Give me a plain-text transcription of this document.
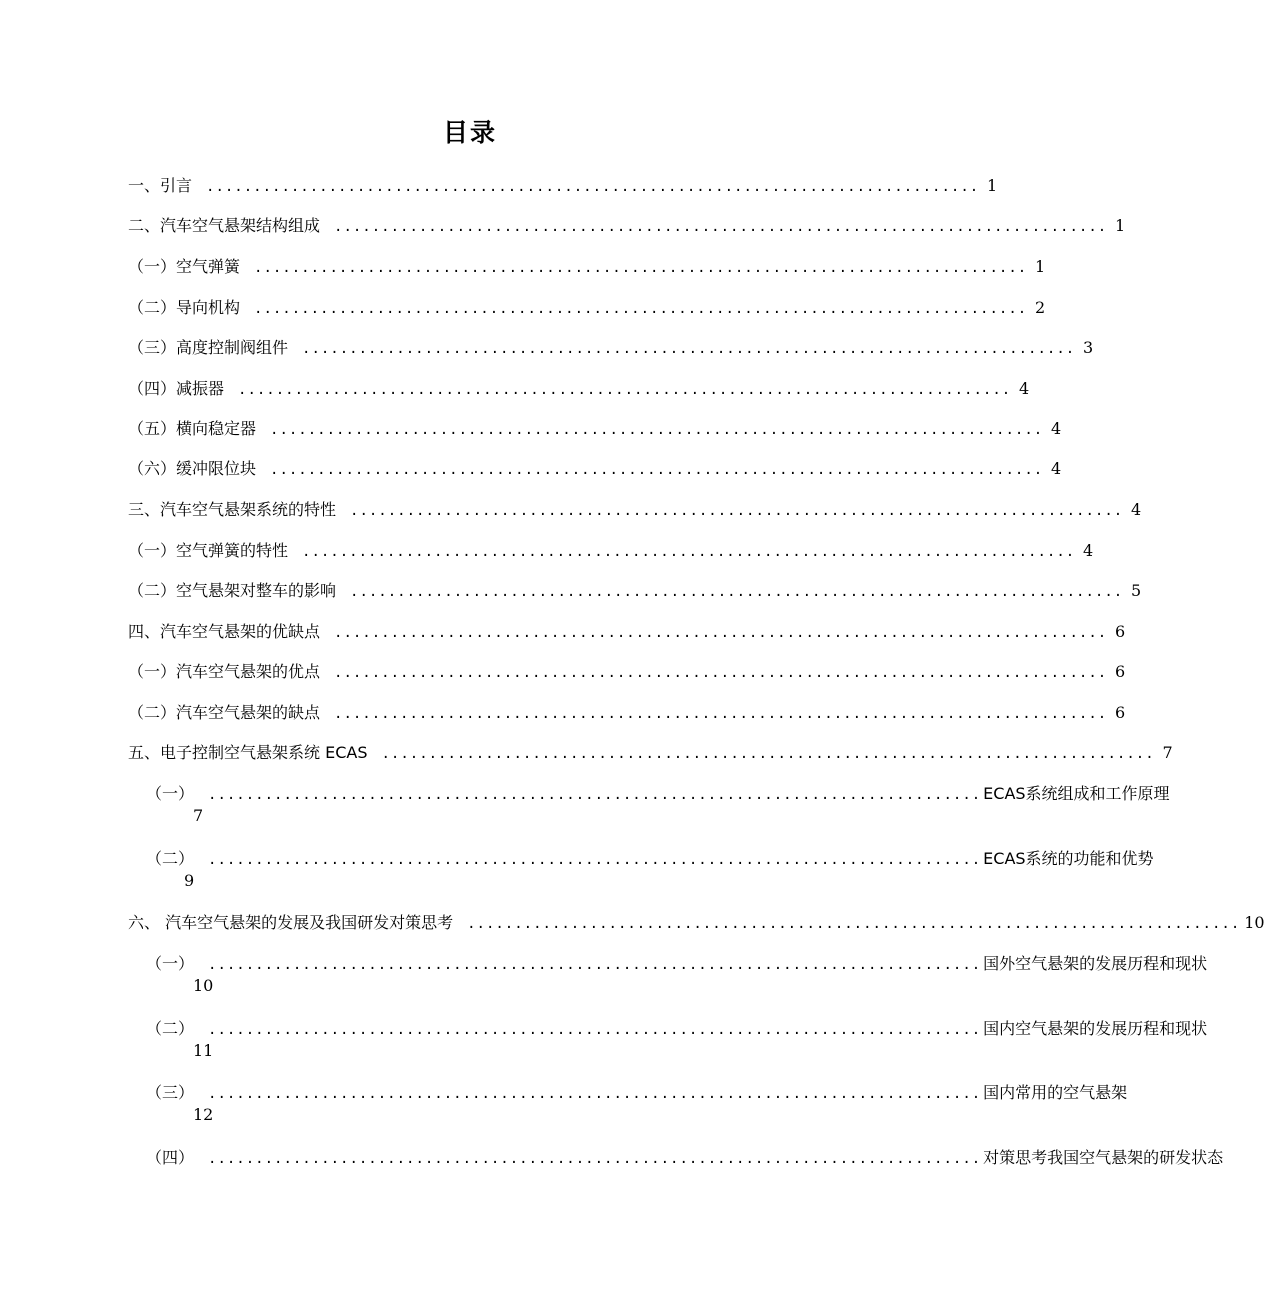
目录
一、引言 .................................................................................. 1
二、汽车空气悬架结构组成 .................................................................................. 1
（一）空气弹簧 .................................................................................. 1
（二）导向机构 .................................................................................. 2
（三）高度控制阀组件 .................................................................................. 3
（四）减振器 .................................................................................. 4
（五）横向稳定器 .................................................................................. 4
（六）缓冲限位块 .................................................................................. 4
三、汽车空气悬架系统的特性 .................................................................................. 4
（一）空气弹簧的特性 .................................................................................. 4
（二）空气悬架对整车的影响 .................................................................................. 5
四、汽车空气悬架的优缺点 .................................................................................. 6
（一）汽车空气悬架的优点 .................................................................................. 6
（二）汽车空气悬架的缺点 .................................................................................. 6
五、电子控制空气悬架系统 ECAS .................................................................................. 7
（一） .................................................................................. ECAS系统组成和工作原理
7
（二） .................................................................................. ECAS系统的功能和优势
9
六、 汽车空气悬架的发展及我国研发对策思考 .................................................................................. 10
（一） .................................................................................. 国外空气悬架的发展历程和现状
10
（二） .................................................................................. 国内空气悬架的发展历程和现状
11
（三） .................................................................................. 国内常用的空气悬架
12
（四） .................................................................................. 对策思考我国空气悬架的研发状态
